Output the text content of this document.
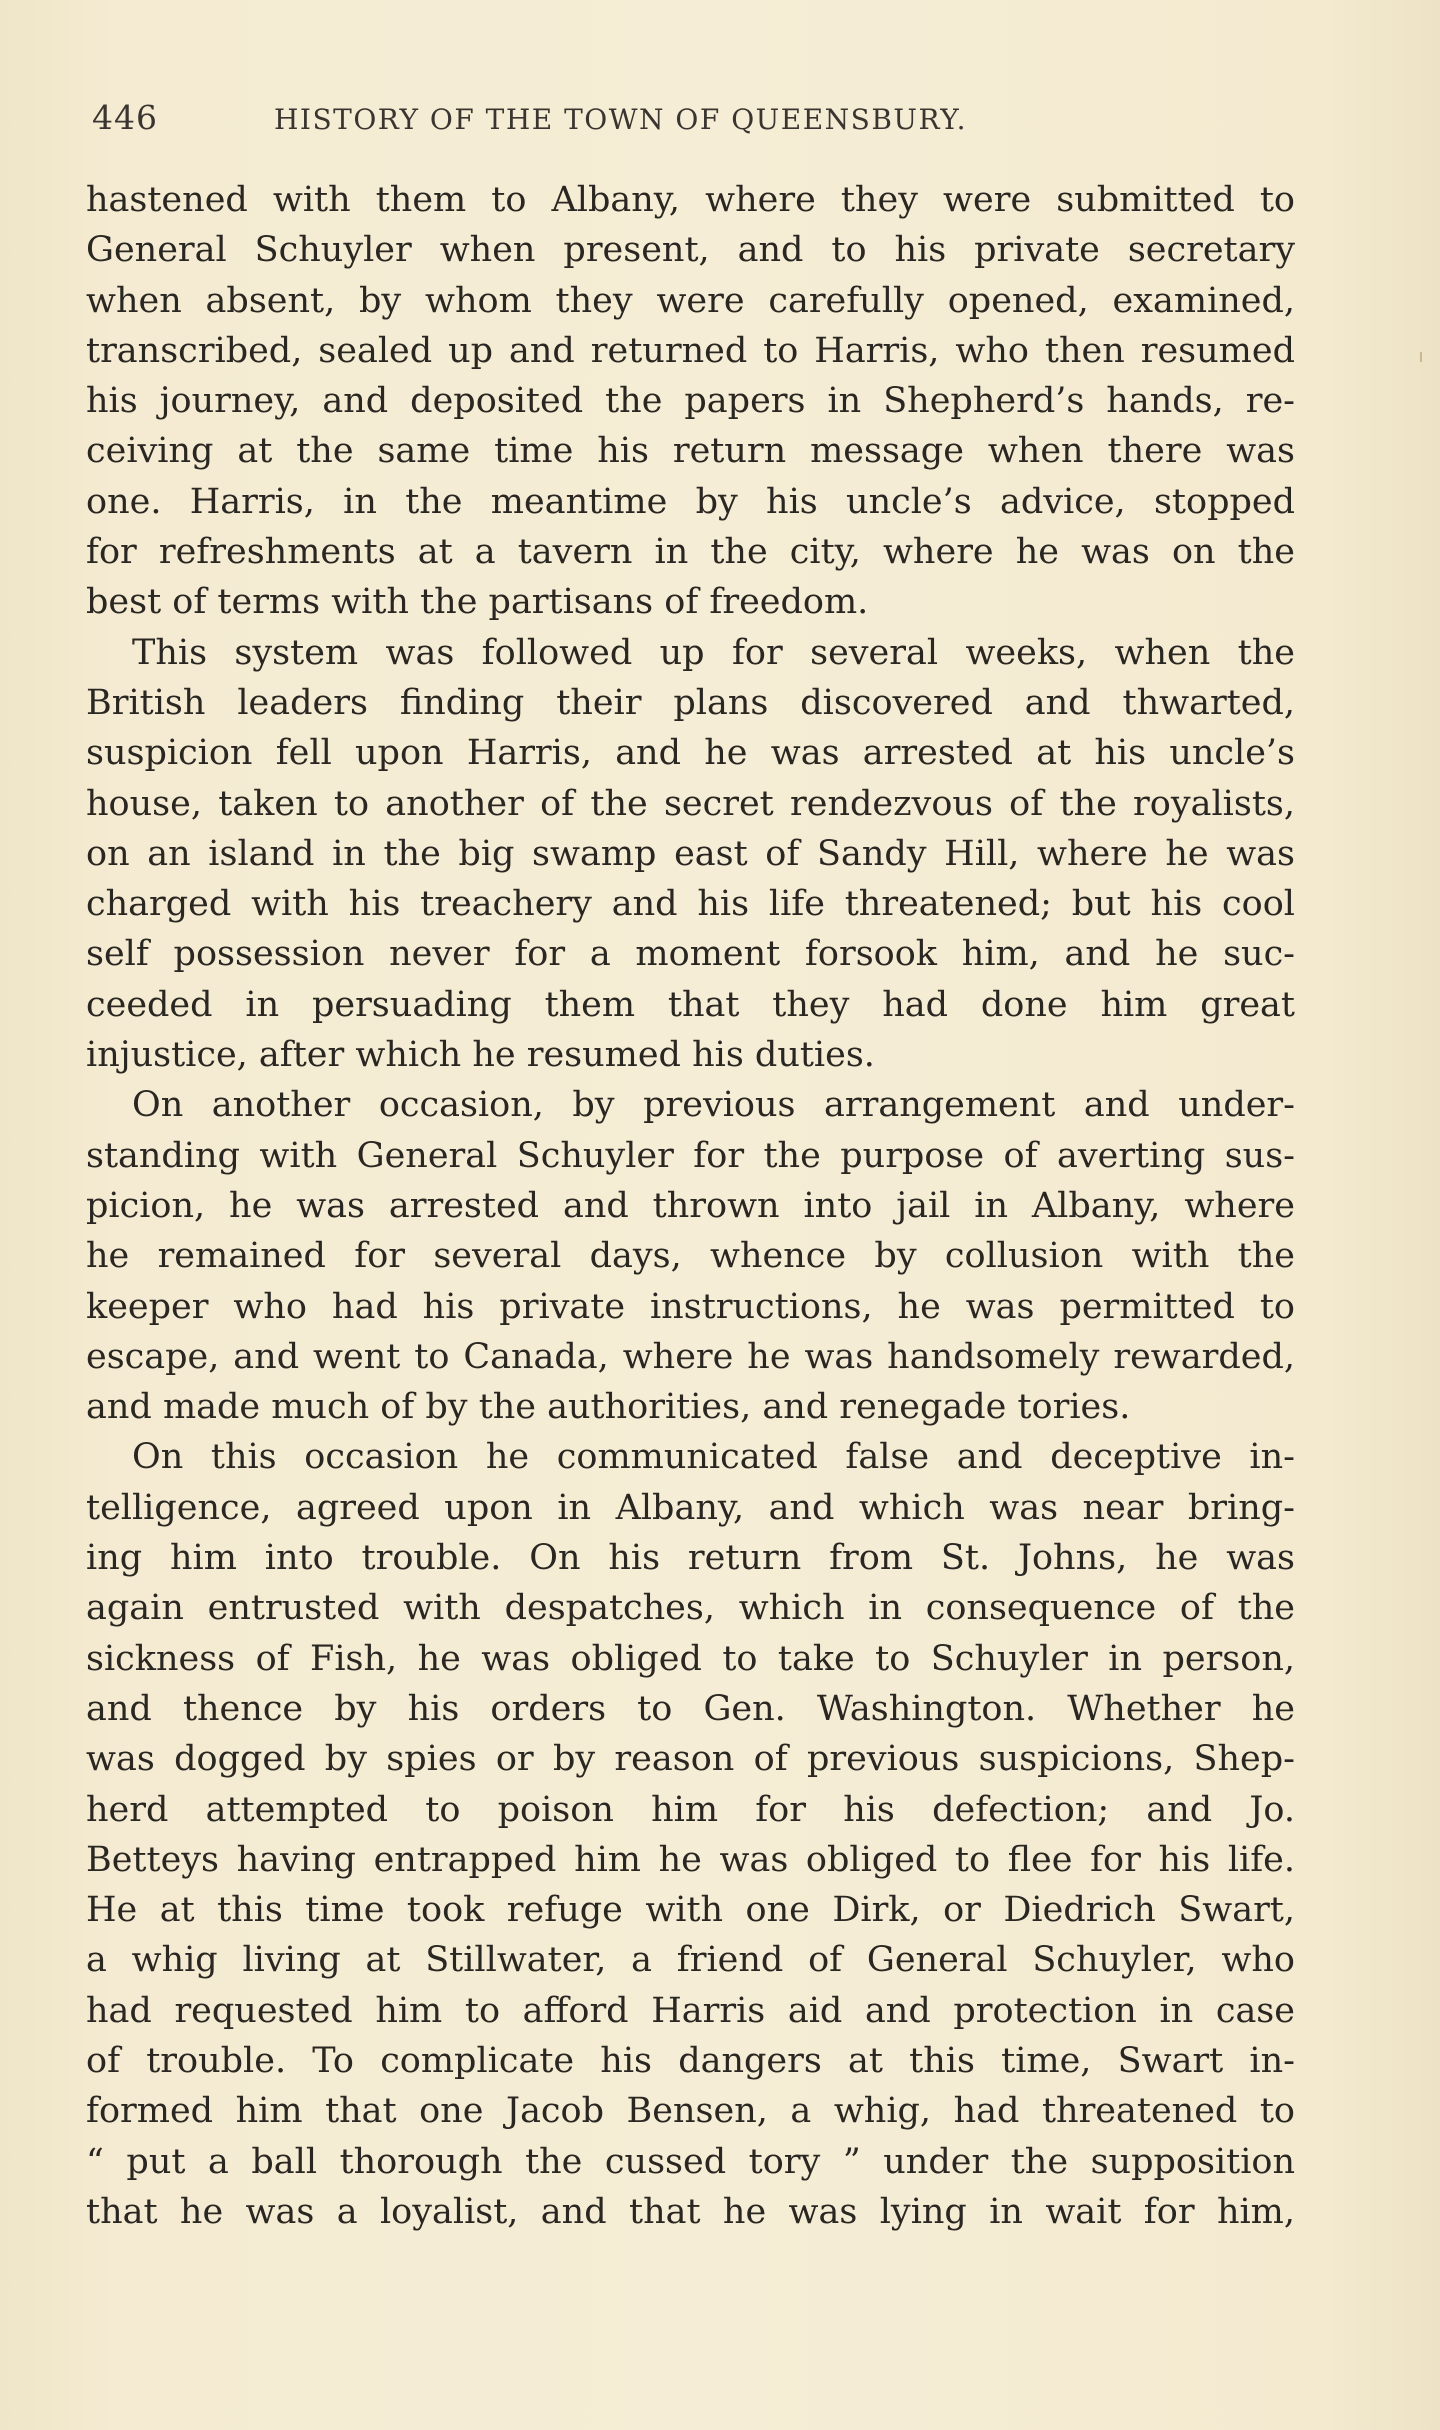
446	HISTORY OF THE TOWN OF QUEENSBURY.
hastened with them to Albany, where they were submitted to
General Schuyler when present, and to his private secretary
when absent, by whom they were carefully opened, examined,
transcribed, sealed up and returned to Harris, who then resumed
his journey, and deposited the papers in Shepherd’s hands, re-
ceiving at the same time his return message when there was
one. Harris, in the meantime by his uncle’s advice, stopped
for refreshments at a tavern in the city, where he was on the
best of terms with the partisans of freedom.
This system was followed up for several weeks, when the
British leaders finding their plans discovered and thwarted,
suspicion fell upon Harris, and he was arrested at his uncle’s
house, taken to another of the secret rendezvous of the royalists,
on an island in the big swamp east of Sandy Hill, where he was
charged with his treachery and his life threatened; but his cool
self possession never for a moment forsook him, and he suc-
ceeded in persuading them that they had done him great
injustice, after which he resumed his duties.
On another occasion, by previous arrangement and under-
standing with General Schuyler for the purpose of averting sus-
picion, he was arrested and thrown into jail in Albany, where
he remained for several days, whence by collusion with the
keeper who had his private instructions, he was permitted to
escape, and went to Canada, where he was handsomely rewarded,
and made much of by the authorities, and renegade tories.
On this occasion he communicated false and deceptive in-
telligence, agreed upon in Albany, and which was near bring-
ing him into trouble. On his return from St. Johns, he was
again entrusted with despatches, which in consequence of the
sickness of Fish, he was obliged to take to Schuyler in person,
and thence by his orders to Gen. Washington. Whether he
was dogged by spies or by reason of previous suspicions, Shep-
herd attempted to poison him for his defection; and Jo.
Betteys having entrapped him he was obliged to flee for his life.
He at this time took refuge with one Dirk, or Diedrich Swart,
a whig living at Stillwater, a friend of General Schuyler, who
had requested him to afford Harris aid and protection in case
of trouble. To complicate his dangers at this time, Swart in-
formed him that one Jacob Bensen, a whig, had threatened to
“ put a ball thorough the cussed tory ” under the supposition
that he was a loyalist, and that he was lying in wait for him,
